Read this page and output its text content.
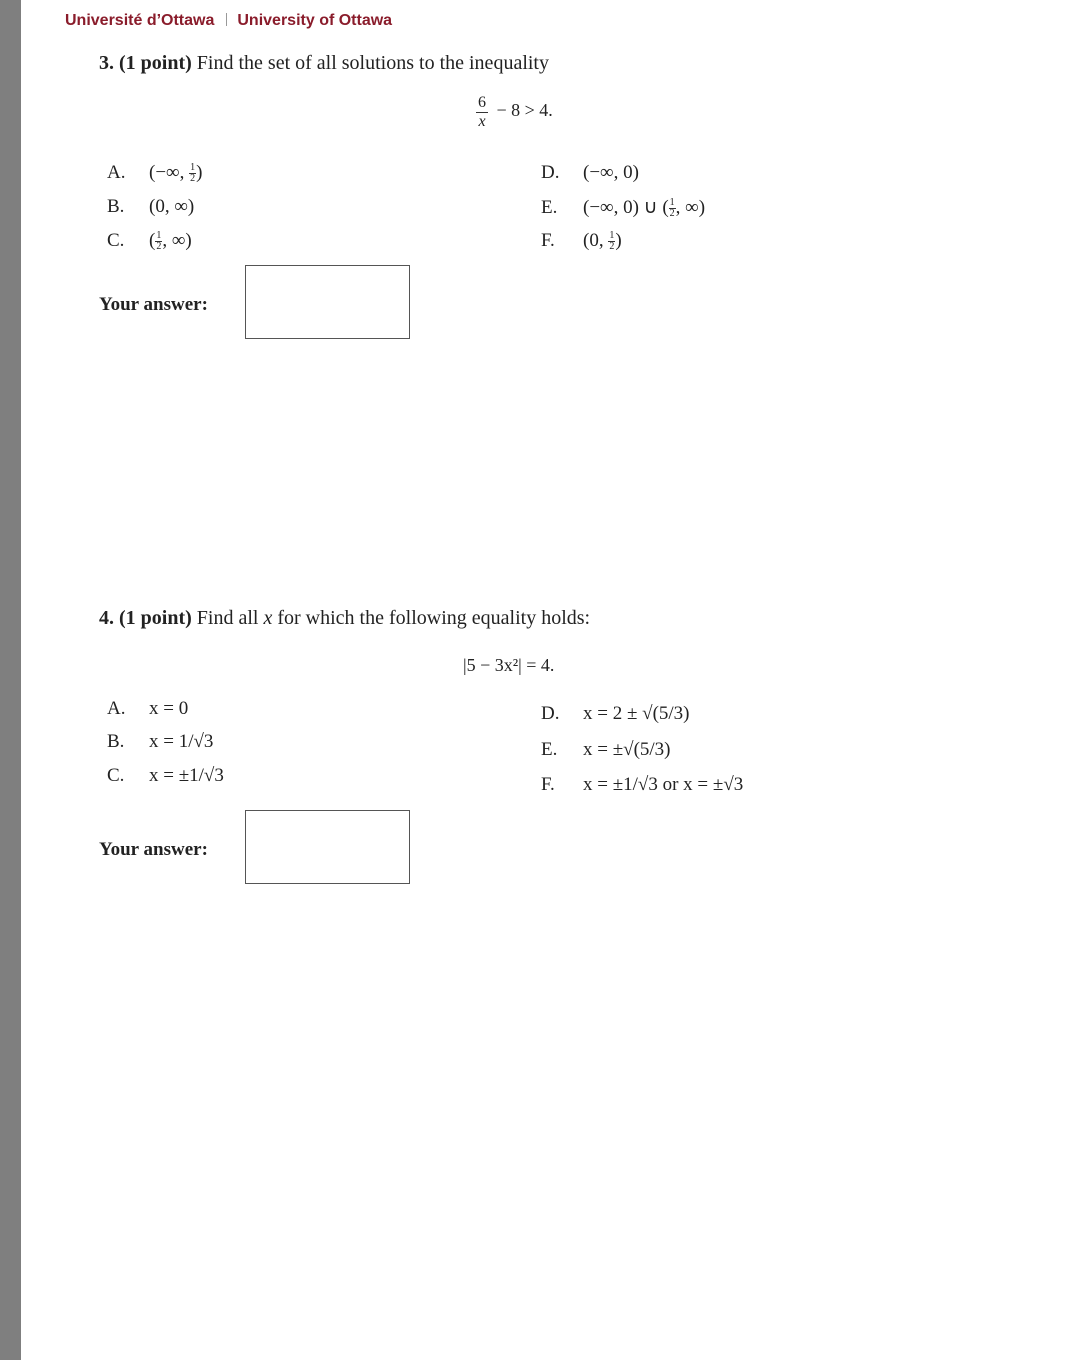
Université d’Ottawa University of Ottawa
3. (1 point) Find the set of all solutions to the inequality
$\frac{6}{x} - 8 > 4$.
A. (−∞, $\frac{1}{2}$ )
B. (0, ∞)
C. ( $\frac{1}{2}$ , ∞)
D. (−∞, 0)
E. (−∞, 0) ∪ ( $\frac{1}{2}$ , ∞)
F. (0, $\frac{1}{2}$ )
Your answer:
4. (1 point) Find all x for which the following equality holds:
|5 − 3x²| = 4.
A. x = 0
B. x = 1/√3
C. x = ±1/√3
D. x = 2 ± √(5/3)
E. x = ±√(5/3)
F. x = ±1/√3 or x = ±√3
Your answer:
